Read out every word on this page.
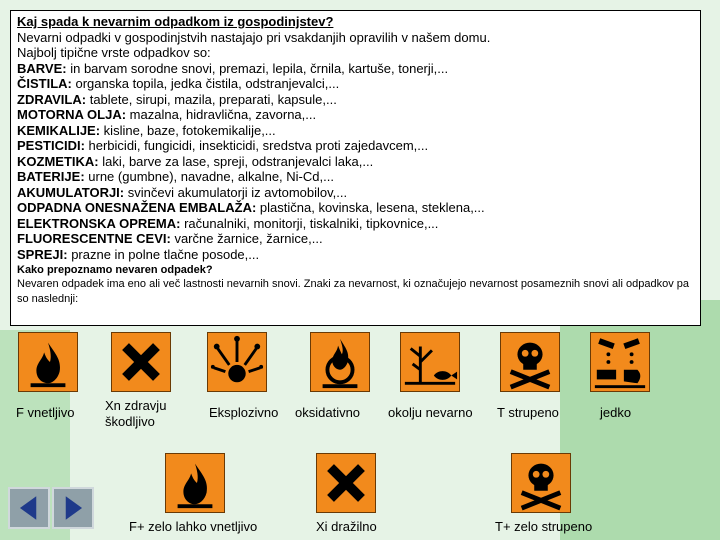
Kaj spada k nevarnim odpadkom iz gospodinjstev?
Nevarni odpadki v gospodinjstvih nastajajo pri vsakdanjih opravilih v našem domu.
Najbolj tipične vrste odpadkov so:
BARVE: in barvam sorodne snovi, premazi, lepila, črnila, kartuše, tonerji,...
ČISTILA: organska topila, jedka čistila, odstranjevalci,...
ZDRAVILA: tablete, sirupi, mazila, preparati, kapsule,...
MOTORNA OLJA: mazalna, hidravlična, zavorna,...
KEMIKALIJE: kisline, baze, fotokemikalije,...
PESTICIDI: herbicidi, fungicidi, insekticidi, sredstva proti zajedavcem,...
KOZMETIKA: laki, barve za lase, spreji, odstranjevalci laka,...
BATERIJE: urne (gumbne), navadne, alkalne, Ni-Cd,...
AKUMULATORJI: svinčevi akumulatorji iz avtomobilov,...
ODPADNA ONESNAŽENA EMBALAŽA: plastična, kovinska, lesena, steklena,...
ELEKTRONSKA OPREMA: računalniki, monitorji, tiskalniki, tipkovnice,...
FLUORESCENTNE CEVI: varčne žarnice, žarnice,...
SPREJI: prazne in polne tlačne posode,...
Kako prepoznamo nevaren odpadek?
Nevaren odpadek ima eno ali več lastnosti nevarnih snovi. Znaki za nevarnost, ki označujejo nevarnost posameznih snovi ali odpadkov pa so naslednji:
F vnetljivo Xn zdravju škodljivo
Eksplozivno oksidativno okolju nevarno T strupeno	jedko
F+ zelo lahko vnetljivo	Xi dražilno	T+ zelo strupeno
